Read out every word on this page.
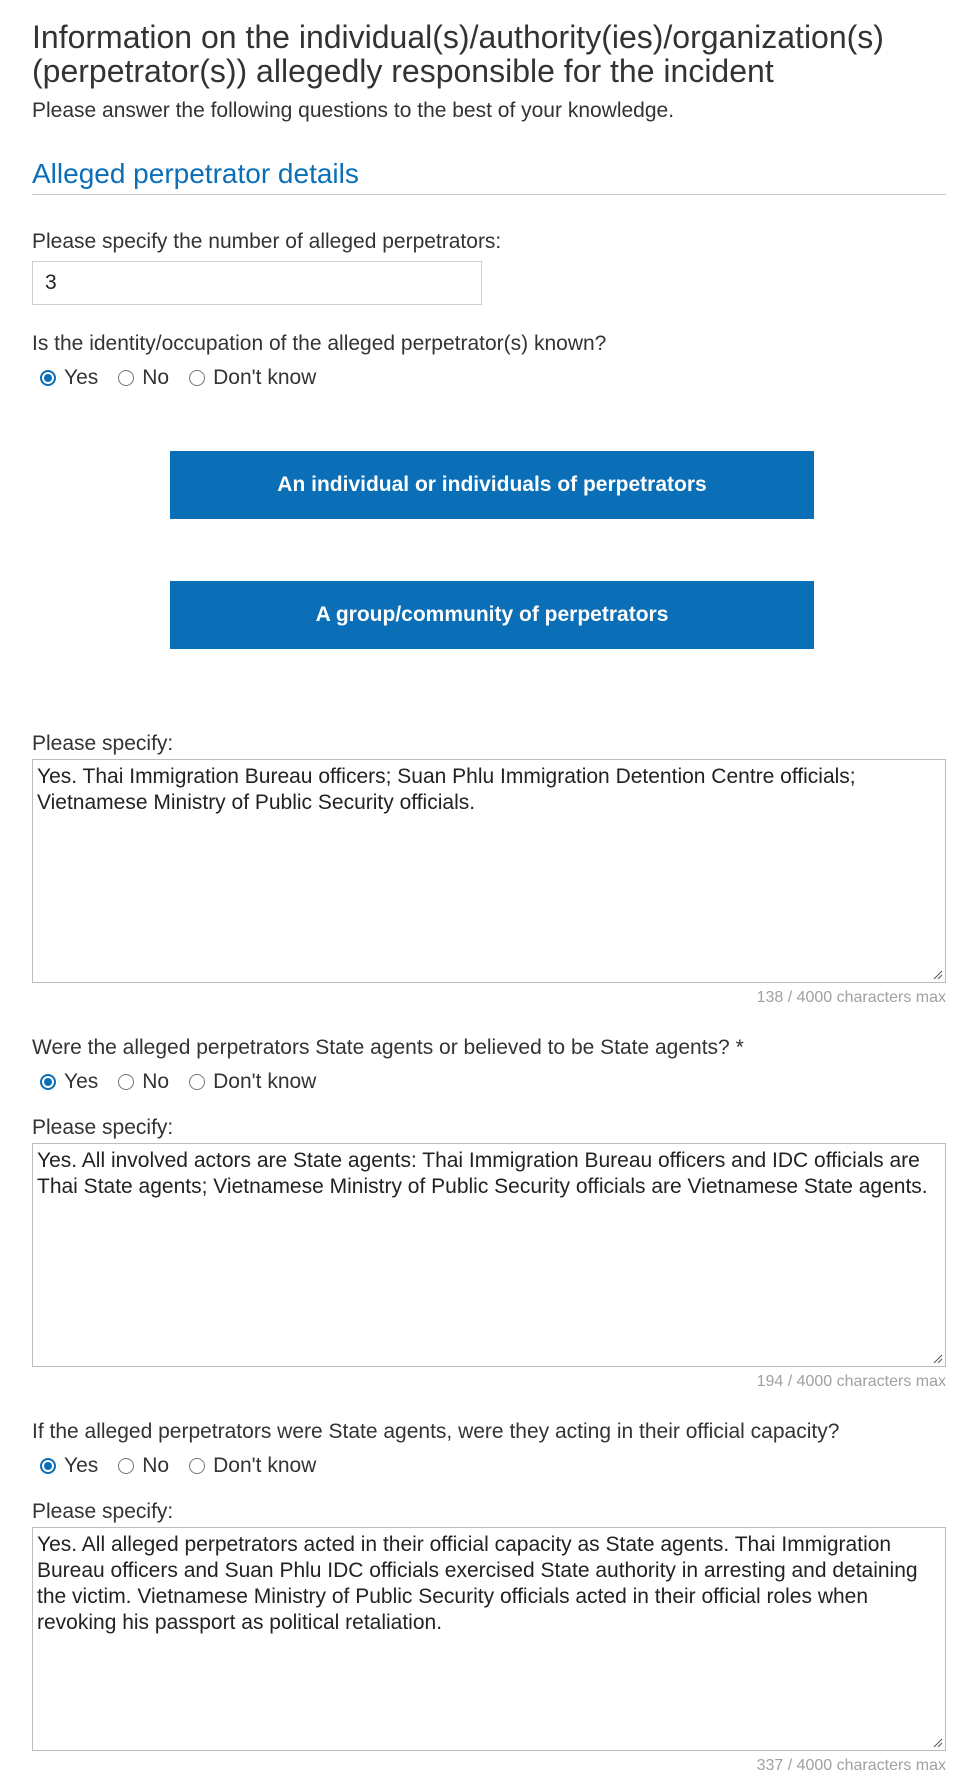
Information on the individual(s)/authority(ies)/organization(s) (perpetrator(s)) allegedly responsible for the incident
Please answer the following questions to the best of your knowledge.
Alleged perpetrator details
Please specify the number of alleged perpetrators:
3
Is the identity/occupation of the alleged perpetrator(s) known?
Yes No Don't know
An individual or individuals of perpetrators
A group/community of perpetrators
Please specify:
Yes. Thai Immigration Bureau officers; Suan Phlu Immigration Detention Centre officials; Vietnamese Ministry of Public Security officials.
138 / 4000 characters max
Were the alleged perpetrators State agents or believed to be State agents? *
Yes No Don't know
Please specify:
Yes. All involved actors are State agents: Thai Immigration Bureau officers and IDC officials are Thai State agents; Vietnamese Ministry of Public Security officials are Vietnamese State agents.
194 / 4000 characters max
If the alleged perpetrators were State agents, were they acting in their official capacity?
Yes No Don't know
Please specify:
Yes. All alleged perpetrators acted in their official capacity as State agents. Thai Immigration Bureau officers and Suan Phlu IDC officials exercised State authority in arresting and detaining the victim. Vietnamese Ministry of Public Security officials acted in their official roles when revoking his passport as political retaliation.
337 / 4000 characters max
